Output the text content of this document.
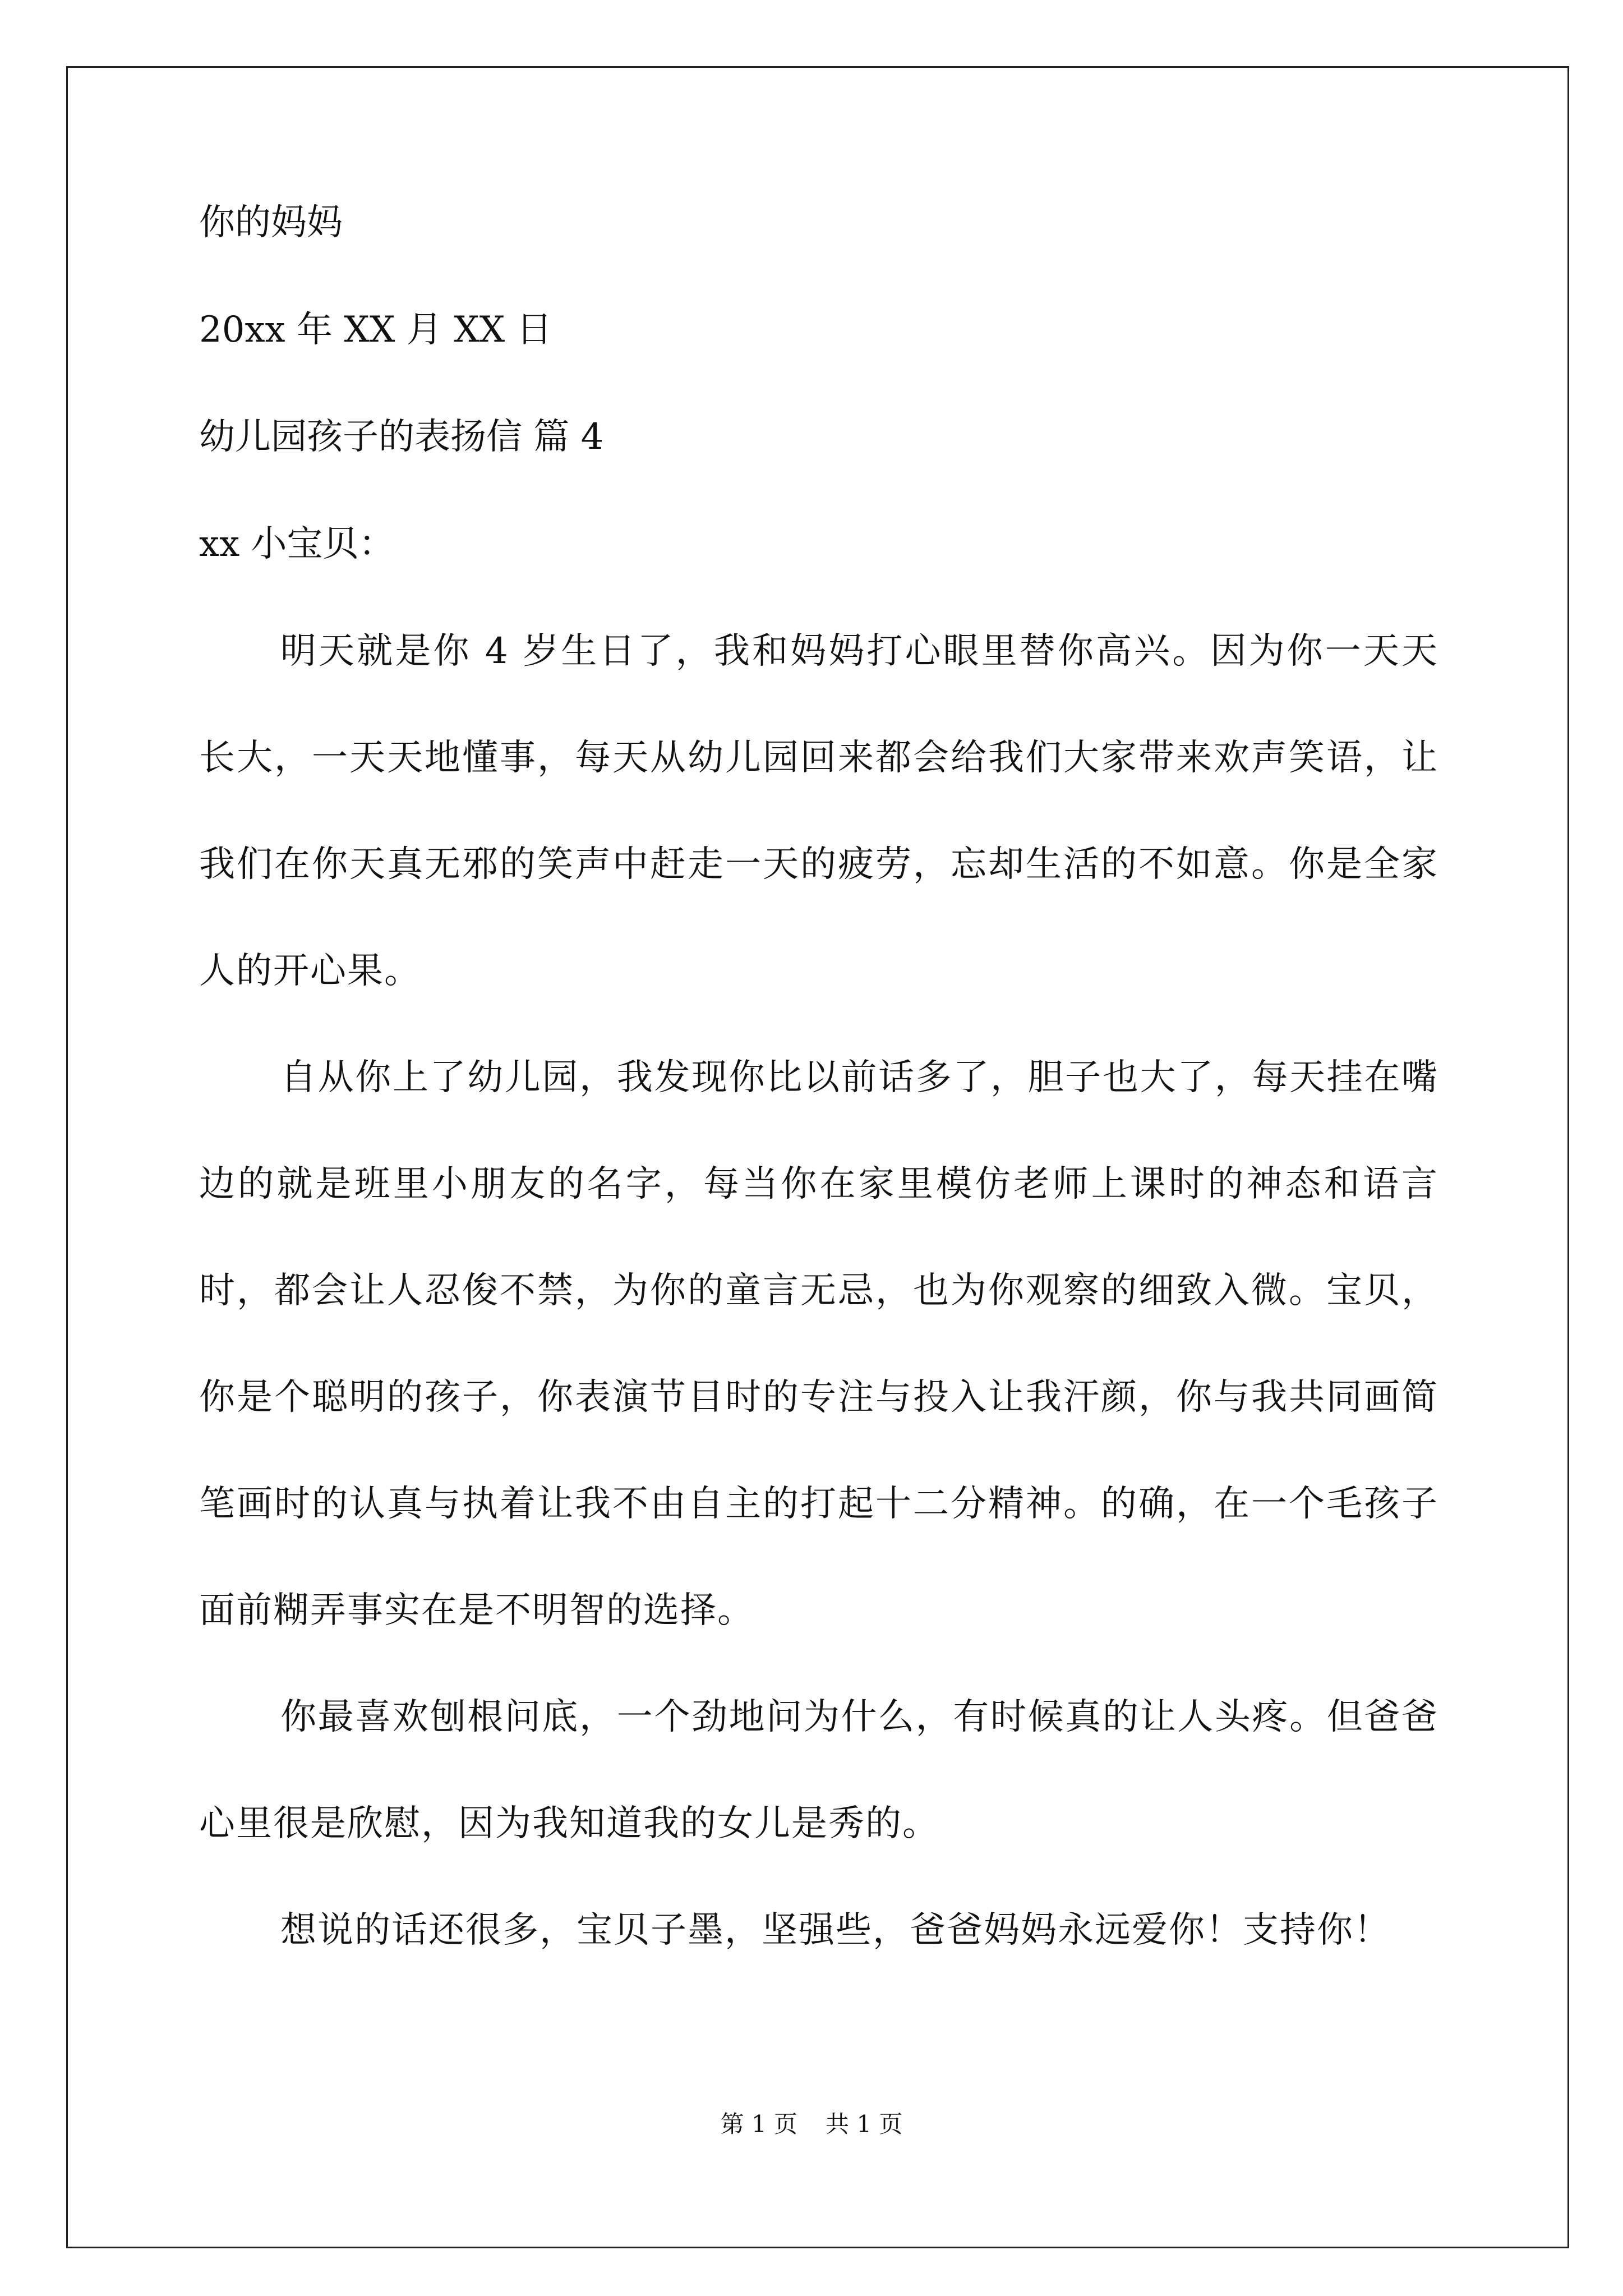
你的妈妈

20xx 年 XX 月 XX 日

幼儿园孩子的表扬信 篇 4

xx 小宝贝：

明天就是你 4 岁生日了，我和妈妈打心眼里替你高兴。因为你一天天长大，一天天地懂事，每天从幼儿园回来都会给我们大家带来欢声笑语，让我们在你天真无邪的笑声中赶走一天的疲劳，忘却生活的不如意。你是全家人的开心果。

自从你上了幼儿园，我发现你比以前话多了，胆子也大了，每天挂在嘴边的就是班里小朋友的名字，每当你在家里模仿老师上课时的神态和语言时，都会让人忍俊不禁，为你的童言无忌，也为你观察的细致入微。宝贝，你是个聪明的孩子，你表演节目时的专注与投入让我汗颜，你与我共同画简笔画时的认真与执着让我不由自主的打起十二分精神。的确，在一个毛孩子面前糊弄事实在是不明智的选择。

你最喜欢刨根问底，一个劲地问为什么，有时候真的让人头疼。但爸爸心里很是欣慰，因为我知道我的女儿是秀的。

想说的话还很多，宝贝子墨，坚强些，爸爸妈妈永远爱你！支持你！

第 1 页 共 1 页
